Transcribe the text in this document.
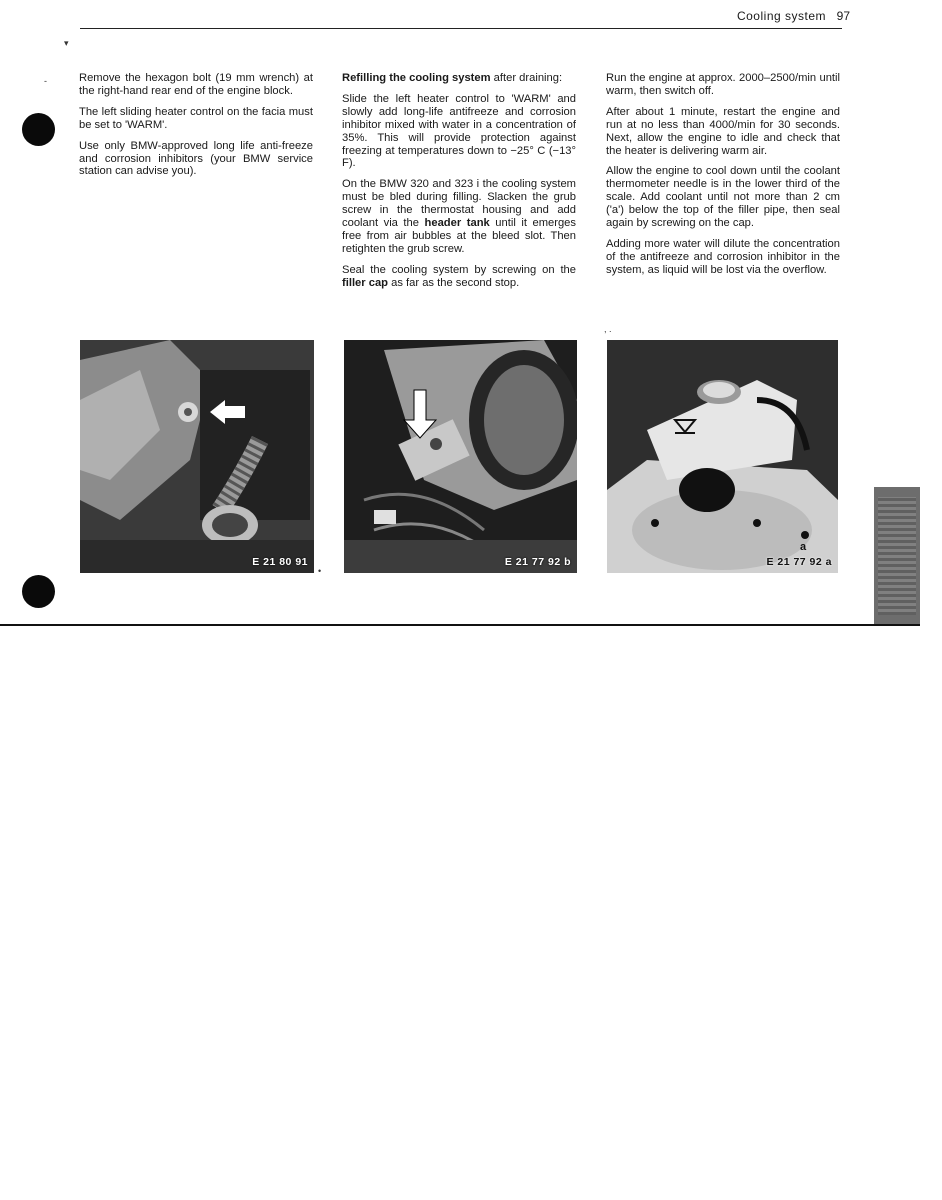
Cooling system 97
▾
-	Remove the hexagon bolt (19 mm wrench) at the right-hand rear end of the engine block.

The left sliding heater control on the facia must be set to 'WARM'.

Use only BMW-approved long life anti-freeze and corrosion inhibitors (your BMW service station can advise you).

Refilling the cooling system after draining:

Slide the left heater control to 'WARM' and slowly add long-life antifreeze and corrosion inhibitor mixed with water in a concentration of 35%. This will provide protection against freezing at temperatures down to −25° C (−13° F).

On the BMW 320 and 323 i the cooling system must be bled during filling. Slacken the grub screw in the thermostat housing and add coolant via the header tank until it emerges free from air bubbles at the bleed slot. Then retighten the grub screw.

Seal the cooling system by screwing on the filler cap as far as the second stop.

Run the engine at approx. 2000–2500/min until warm, then switch off.

After about 1 minute, restart the engine and run at no less than 4000/min for 30 seconds. Next, allow the engine to idle and check that the heater is delivering warm air.

Allow the engine to cool down until the coolant thermometer needle is in the lower third of the scale. Add coolant until not more than 2 cm ('a') below the top of the filler pipe, then seal again by screwing on the cap.

Adding more water will dilute the concentration of the antifreeze and corrosion inhibitor in the system, as liquid will be lost via the overflow.

E 21 80 91	E 21 77 92 b
a
E 21 77 92 a
•
, .
